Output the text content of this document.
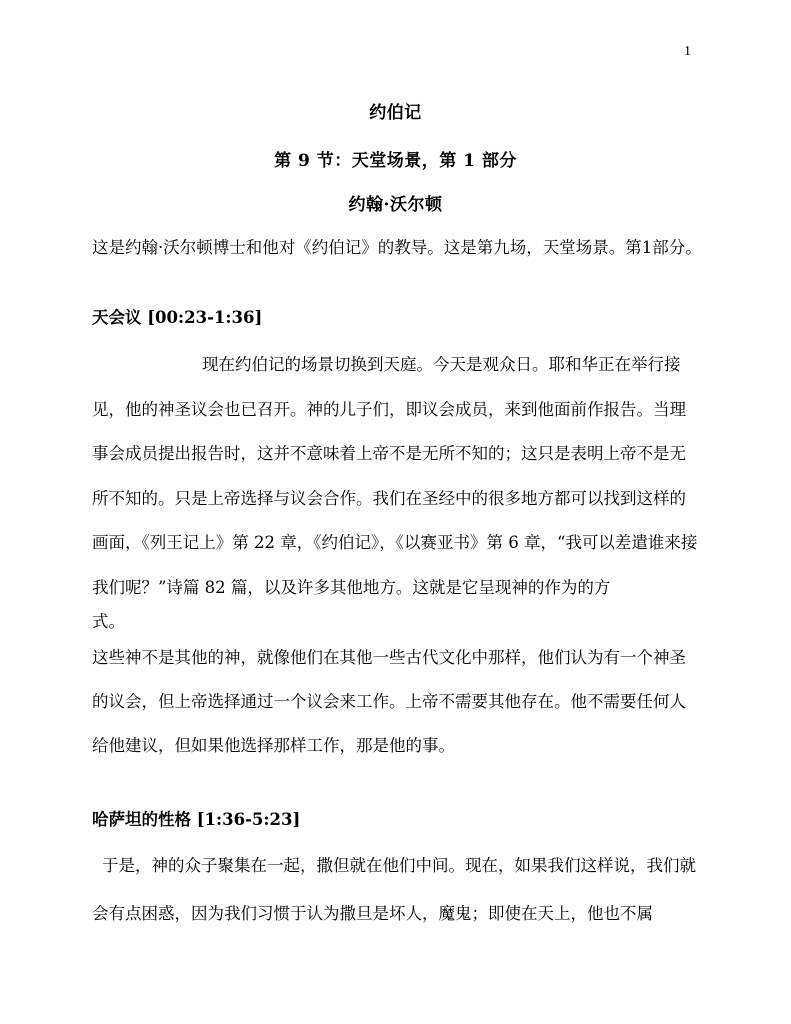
1
约伯记
第 9 节：天堂场景，第 1 部分
约翰·沃尔顿
这是约翰·沃尔顿博士和他对《约伯记》的教导。这是第九场，天堂场景。第1部分。
天会议 [00:23-1:36]
现在约伯记的场景切换到天庭。今天是观众日。耶和华正在举行接见，他的神圣议会也已召开。神的儿子们，即议会成员，来到他面前作报告。当理事会成员提出报告时，这并不意味着上帝不是无所不知的；这只是表明上帝不是无所不知的。只是上帝选择与议会合作。我们在圣经中的很多地方都可以找到这样的画面，《列王记上》第 22 章，《约伯记》，《以赛亚书》第 6 章，“我可以差遣谁来接我们呢？”诗篇 82 篇，以及许多其他地方。这就是它呈现神的作为的方
式。
这些神不是其他的神，就像他们在其他一些古代文化中那样，他们认为有一个神圣的议会，但上帝选择通过一个议会来工作。上帝不需要其他存在。他不需要任何人给他建议，但如果他选择那样工作，那是他的事。
哈萨坦的性格 [1:36-5:23]
于是，神的众子聚集在一起，撒但就在他们中间。现在，如果我们这样说，我们就会有点困惑，因为我们习惯于认为撒旦是坏人，魔鬼；即使在天上，他也不属
